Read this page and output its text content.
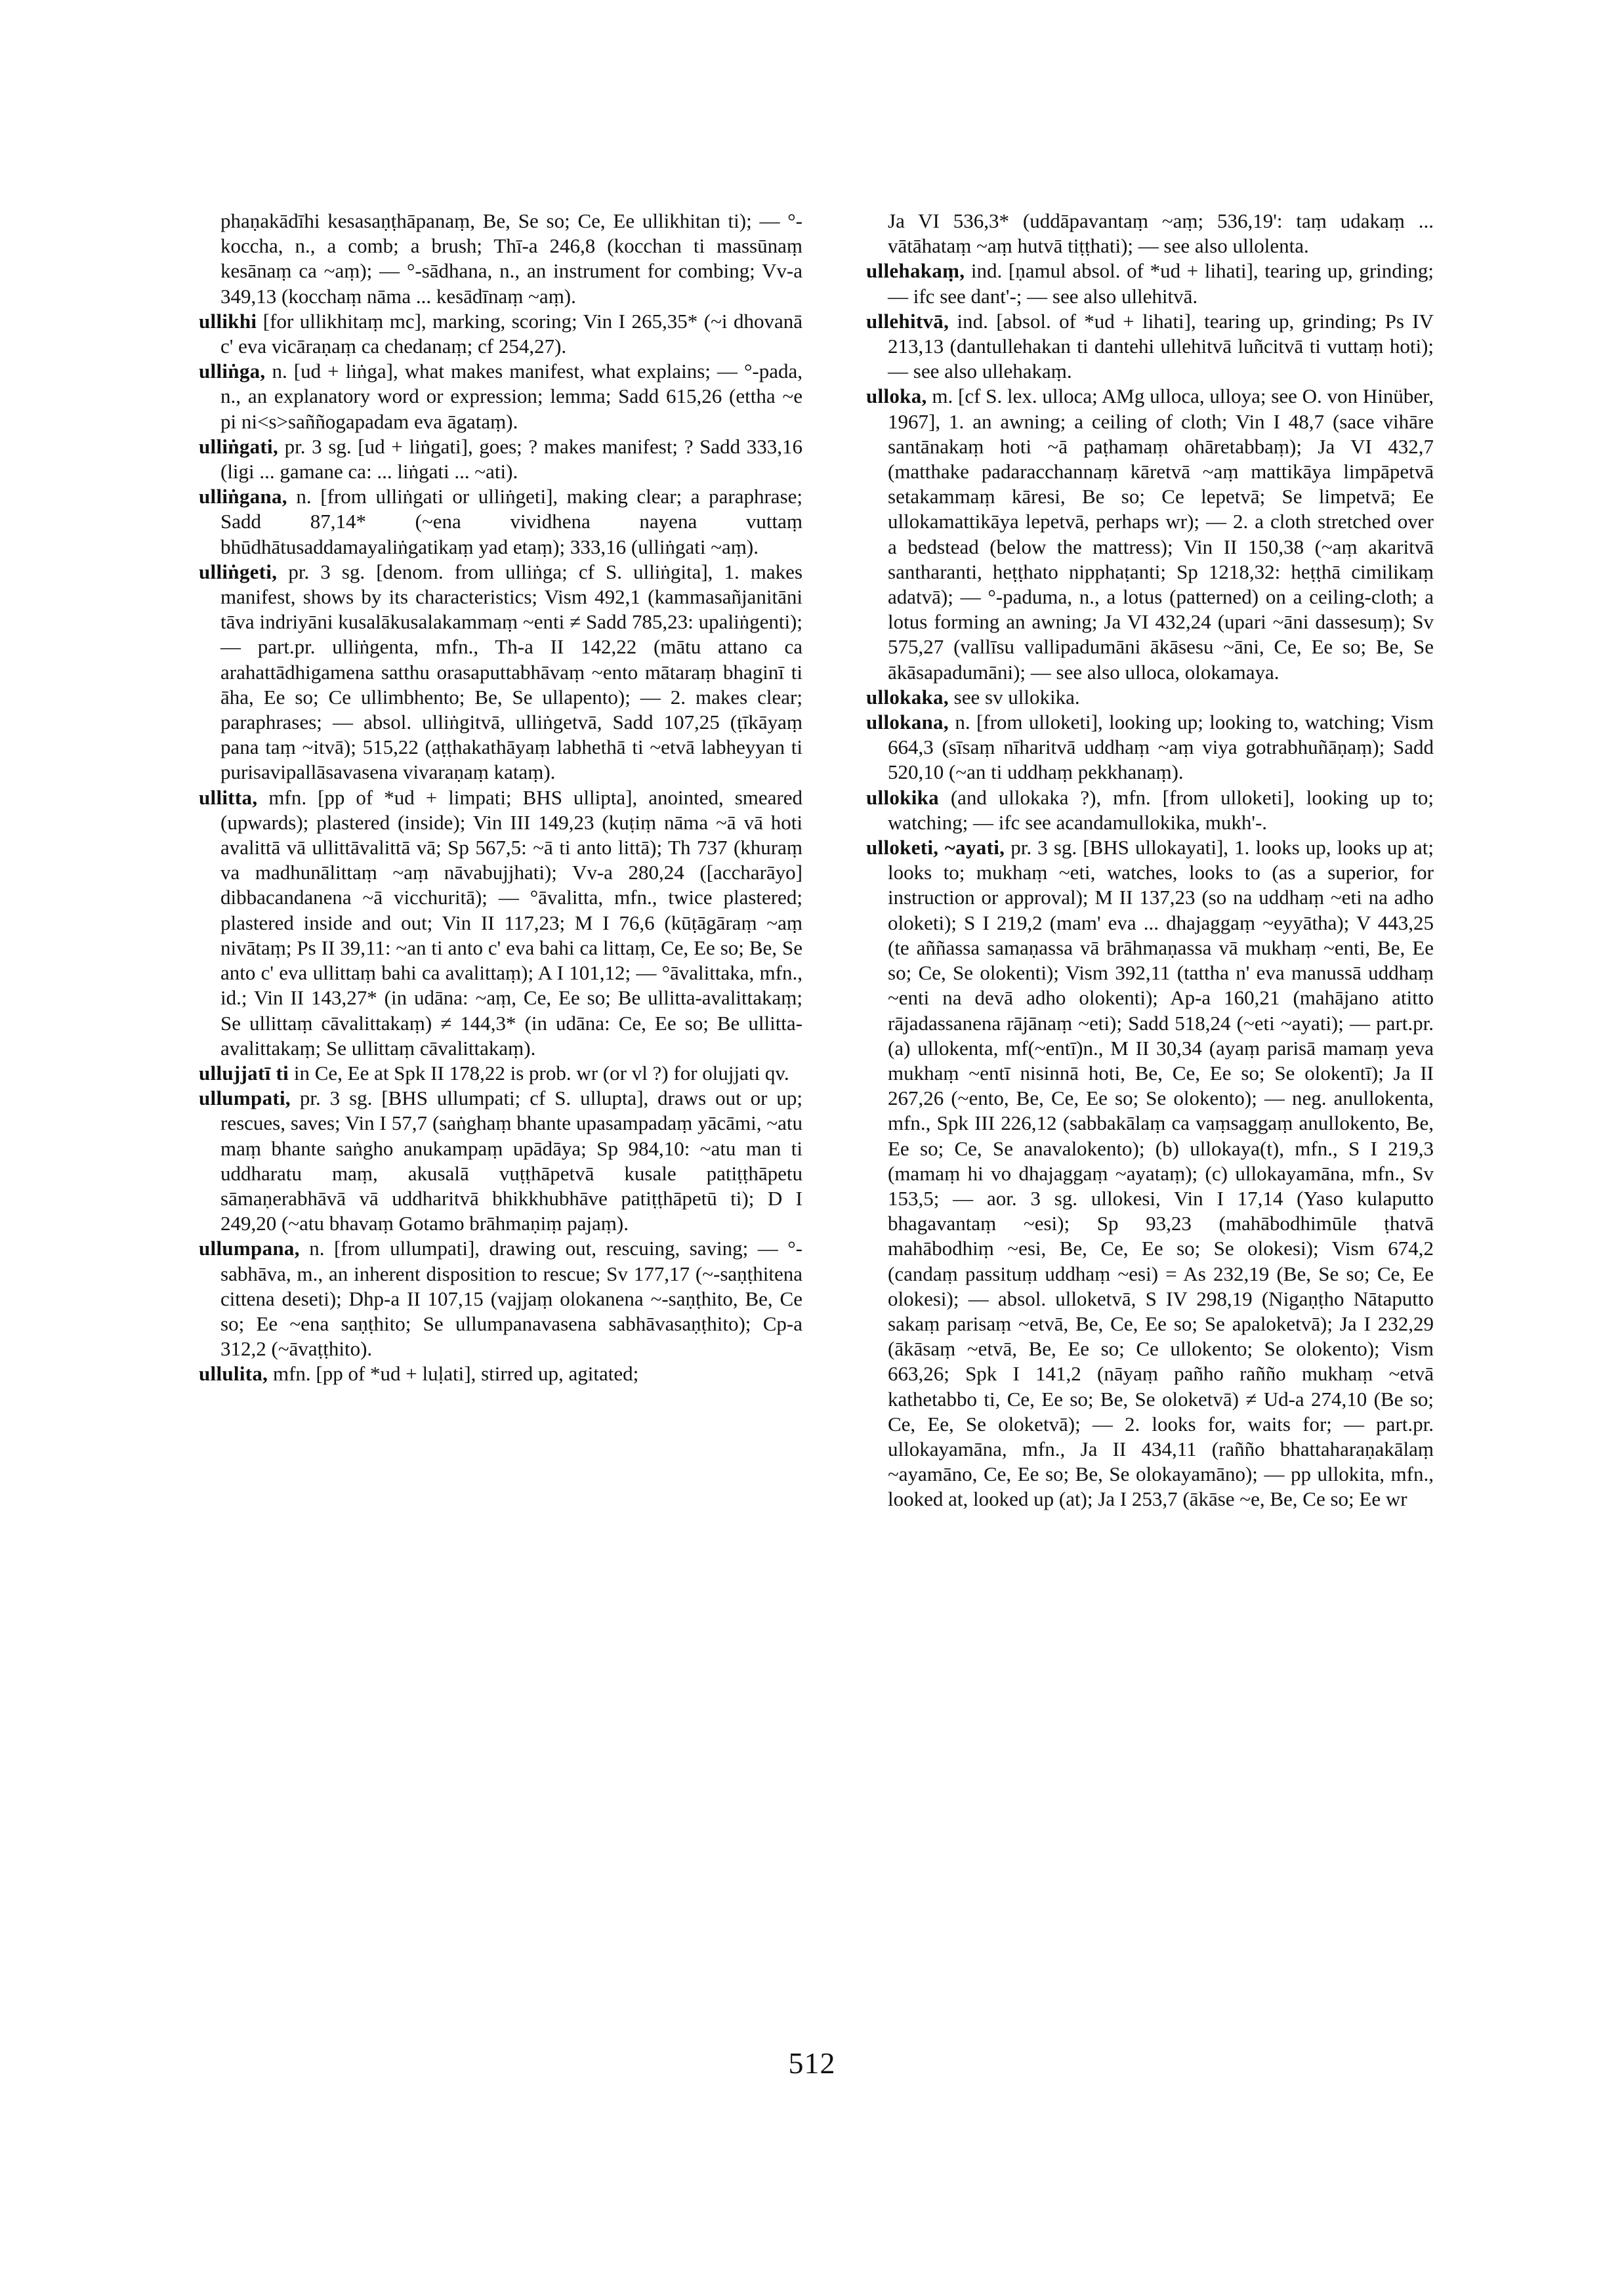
phaṇakādīhi kesasaṇṭhāpanaṃ, Be, Se so; Ce, Ee ullikhitan ti); — °-koccha, n., a comb; a brush; Thī-a 246,8 (kocchan ti massūnaṃ kesānaṃ ca ~aṃ); — °-sādhana, n., an instrument for combing; Vv-a 349,13 (kocchaṃ nāma ... kesādīnaṃ ~aṃ).

ullikhi [for ullikhitaṃ mc], marking, scoring; Vin I 265,35* (~i dhovanā c' eva vicāraṇaṃ ca chedanaṃ; cf 254,27).

ulliṅga, n. [ud + liṅga], what makes manifest, what explains; — °-pada, n., an explanatory word or expression; lemma; Sadd 615,26 (ettha ~e pi ni<s>saññogapadam eva āgataṃ).

ulliṅgati, pr. 3 sg. [ud + liṅgati], goes; ? makes manifest; ? Sadd 333,16 (ligi ... gamane ca: ... liṅgati ... ~ati).

ulliṅgana, n. [from ulliṅgati or ulliṅgeti], making clear; a paraphrase; Sadd 87,14* (~ena vividhena nayena vuttaṃ bhūdhātusaddamayaliṅgatikaṃ yad etaṃ); 333,16 (ulliṅgati ~aṃ).

ulliṅgeti, pr. 3 sg. [denom. from ulliṅga; cf S. ulliṅgita], 1. makes manifest, shows by its characteristics; Vism 492,1 (kammasañjanitāni tāva indriyāni kusalākusalakammaṃ ~enti ≠ Sadd 785,23: upaliṅgenti); — part.pr. ulliṅgenta, mfn., Th-a II 142,22 (mātu attano ca arahattādhigamena satthu orasaputtabhāvaṃ ~ento mātaraṃ bhaginī ti āha, Ee so; Ce ullimbhento; Be, Se ullapento); — 2. makes clear; paraphrases; — absol. ulliṅgitvā, ulliṅgetvā, Sadd 107,25 (ṭīkāyaṃ pana taṃ ~itvā); 515,22 (aṭṭhakathāyaṃ labhethā ti ~etvā labheyyan ti purisavipallāsavasena vivaraṇaṃ kataṃ).

ullitta, mfn. [pp of *ud + limpati; BHS ullipta], anointed, smeared (upwards); plastered (inside); Vin III 149,23 (kuṭiṃ nāma ~ā vā hoti avalittā vā ullittāvalittā vā; Sp 567,5: ~ā ti anto littā); Th 737 (khuraṃ va madhunālittaṃ ~aṃ nāvabujjhati); Vv-a 280,24 ([accharāyo] dibbacandanena ~ā vicchuritā); — °āvalitta, mfn., twice plastered; plastered inside and out; Vin II 117,23; M I 76,6 (kūṭāgāraṃ ~aṃ nivātaṃ; Ps II 39,11: ~an ti anto c' eva bahi ca littaṃ, Ce, Ee so; Be, Se anto c' eva ullittaṃ bahi ca avalittaṃ); A I 101,12; — °āvalittaka, mfn., id.; Vin II 143,27* (in udāna: ~aṃ, Ce, Ee so; Be ullitta-avalittakaṃ; Se ullittaṃ cāvalittakaṃ) ≠ 144,3* (in udāna: Ce, Ee so; Be ullitta-avalittakaṃ; Se ullittaṃ cāvalittakaṃ).

ullujjatī ti in Ce, Ee at Spk II 178,22 is prob. wr (or vl ?) for olujjati qv.

ullumpati, pr. 3 sg. [BHS ullumpati; cf S. ullupta], draws out or up; rescues, saves; Vin I 57,7 (saṅghaṃ bhante upasampadaṃ yācāmi, ~atu maṃ bhante saṅgho anukampaṃ upādāya; Sp 984,10: ~atu man ti uddharatu maṃ, akusalā vuṭṭhāpetvā kusale patiṭṭhāpetu sāmaṇerabhāvā vā uddharitvā bhikkhubhāve patiṭṭhāpetū ti); D I 249,20 (~atu bhavaṃ Gotamo brāhmaṇiṃ pajaṃ).

ullumpana, n. [from ullumpati], drawing out, rescuing, saving; — °-sabhāva, m., an inherent disposition to rescue; Sv 177,17 (~-saṇṭhitena cittena deseti); Dhp-a II 107,15 (vajjaṃ olokanena ~-saṇṭhito, Be, Ce so; Ee ~ena saṇṭhito; Se ullumpanavasena sabhāvasaṇṭhito); Cp-a 312,2 (~āvaṭṭhito).

ullulita, mfn. [pp of *ud + luḷati], stirred up, agitated;

Ja VI 536,3* (uddāpavantaṃ ~aṃ; 536,19': taṃ udakaṃ ... vātāhataṃ ~aṃ hutvā tiṭṭhati); — see also ullolenta.

ullehakaṃ, ind. [ṇamul absol. of *ud + lihati], tearing up, grinding; — ifc see dant'-; — see also ullehitvā.

ullehitvā, ind. [absol. of *ud + lihati], tearing up, grinding; Ps IV 213,13 (dantullehakan ti dantehi ullehitvā luñcitvā ti vuttaṃ hoti); — see also ullehakaṃ.

ulloka, m. [cf S. lex. ulloca; AMg ulloca, ulloya; see O. von Hinüber, 1967], 1. an awning; a ceiling of cloth; Vin I 48,7 (sace vihāre santānakaṃ hoti ~ā paṭhamaṃ ohāretabbaṃ); Ja VI 432,7 (matthake padaracchannaṃ kāretvā ~aṃ mattikāya limpāpetvā setakammaṃ kāresi, Be so; Ce lepetvā; Se limpetvā; Ee ullokamattikāya lepetvā, perhaps wr); — 2. a cloth stretched over a bedstead (below the mattress); Vin II 150,38 (~aṃ akaritvā santharanti, heṭṭhato nipphaṭanti; Sp 1218,32: heṭṭhā cimilikaṃ adatvā); — °-paduma, n., a lotus (patterned) on a ceiling-cloth; a lotus forming an awning; Ja VI 432,24 (upari ~āni dassesuṃ); Sv 575,27 (vallīsu vallipadumāni ākāsesu ~āni, Ce, Ee so; Be, Se ākāsapadumāni); — see also ulloca, olokamaya.

ullokaka, see sv ullokika.

ullokana, n. [from ulloketi], looking up; looking to, watching; Vism 664,3 (sīsaṃ nīharitvā uddhaṃ ~aṃ viya gotrabhuñāṇaṃ); Sadd 520,10 (~an ti uddhaṃ pekkhanaṃ).

ullokika (and ullokaka ?), mfn. [from ulloketi], looking up to; watching; — ifc see acandamullokika, mukh'-.

ulloketi, ~ayati, pr. 3 sg. [BHS ullokayati], 1. looks up, looks up at; looks to; mukhaṃ ~eti, watches, looks to (as a superior, for instruction or approval); M II 137,23 (so na uddhaṃ ~eti na adho oloketi); S I 219,2 (mam' eva ... dhajaggaṃ ~eyyātha); V 443,25 (te aññassa samaṇassa vā brāhmaṇassa vā mukhaṃ ~enti, Be, Ee so; Ce, Se olokenti); Vism 392,11 (tattha n' eva manussā uddhaṃ ~enti na devā adho olokenti); Ap-a 160,21 (mahājano atitto rājadassanena rājānaṃ ~eti); Sadd 518,24 (~eti ~ayati); — part.pr. (a) ullokenta, mf(~entī)n., M II 30,34 (ayaṃ parisā mamaṃ yeva mukhaṃ ~entī nisinnā hoti, Be, Ce, Ee so; Se olokentī); Ja II 267,26 (~ento, Be, Ce, Ee so; Se olokento); — neg. anullokenta, mfn., Spk III 226,12 (sabbakālaṃ ca vaṃsaggaṃ anullokento, Be, Ee so; Ce, Se anavalokento); (b) ullokaya(t), mfn., S I 219,3 (mamaṃ hi vo dhajaggaṃ ~ayataṃ); (c) ullokayamāna, mfn., Sv 153,5; — aor. 3 sg. ullokesi, Vin I 17,14 (Yaso kulaputto bhagavantaṃ ~esi); Sp 93,23 (mahābodhimūle ṭhatvā mahābodhiṃ ~esi, Be, Ce, Ee so; Se olokesi); Vism 674,2 (candaṃ passituṃ uddhaṃ ~esi) = As 232,19 (Be, Se so; Ce, Ee olokesi); — absol. ulloketvā, S IV 298,19 (Nigaṇṭho Nātaputto sakaṃ parisaṃ ~etvā, Be, Ce, Ee so; Se apaloketvā); Ja I 232,29 (ākāsaṃ ~etvā, Be, Ee so; Ce ullokento; Se olokento); Vism 663,26; Spk I 141,2 (nāyaṃ pañho rañño mukhaṃ ~etvā kathetabbo ti, Ce, Ee so; Be, Se oloketvā) ≠ Ud-a 274,10 (Be so; Ce, Ee, Se oloketvā); — 2. looks for, waits for; — part.pr. ullokayamāna, mfn., Ja II 434,11 (rañño bhattaharaṇakālaṃ ~ayamāno, Ce, Ee so; Be, Se olokayamāno); — pp ullokita, mfn., looked at, looked up (at); Ja I 253,7 (ākāse ~e, Be, Ce so; Ee wr

512
